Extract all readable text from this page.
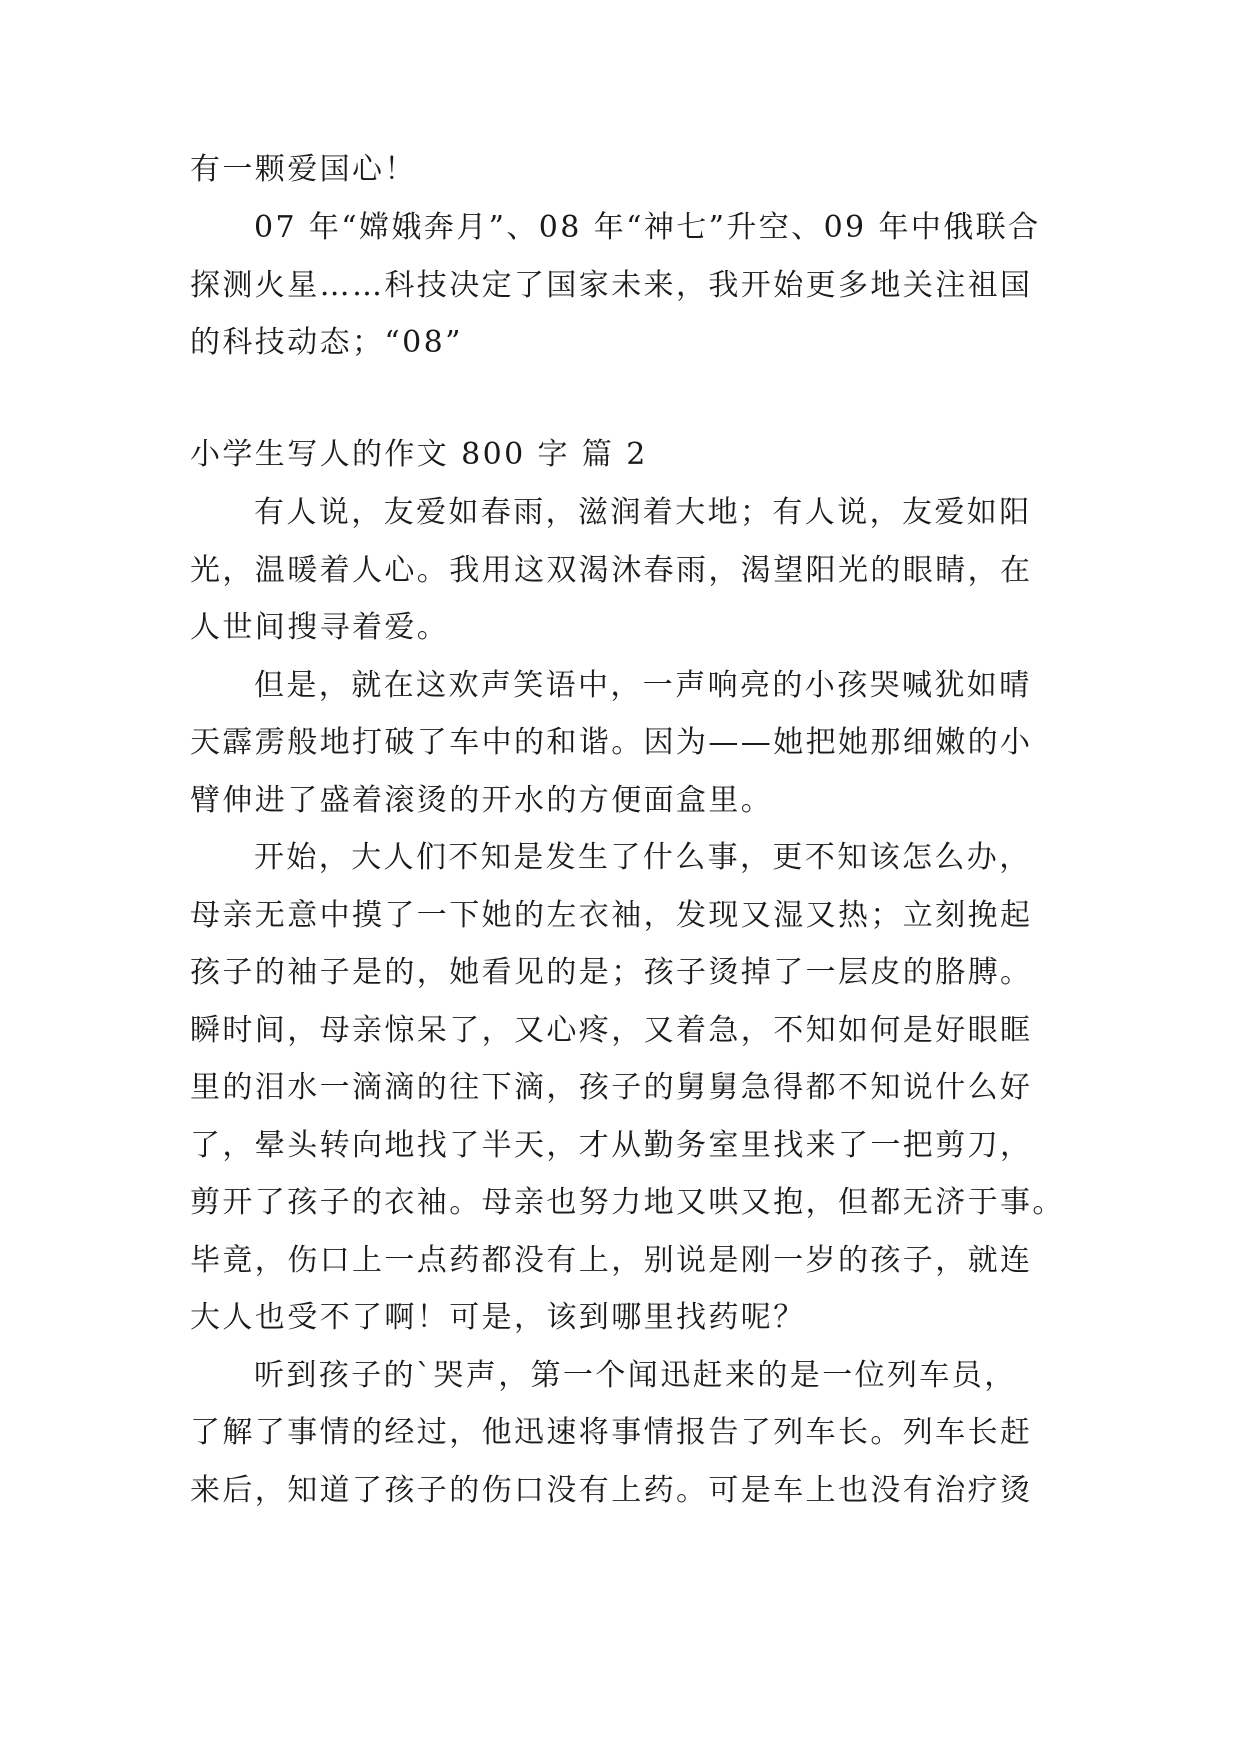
有一颗爱国心！
07 年“嫦娥奔月”、08 年“神七”升空、09 年中俄联合
探测火星……科技决定了国家未来，我开始更多地关注祖国
的科技动态；“08”
小学生写人的作文 800 字 篇 2
有人说，友爱如春雨，滋润着大地；有人说，友爱如阳
光，温暖着人心。我用这双渴沐春雨，渴望阳光的眼睛，在
人世间搜寻着爱。
但是，就在这欢声笑语中，一声响亮的小孩哭喊犹如晴
天霹雳般地打破了车中的和谐。因为——她把她那细嫩的小
臂伸进了盛着滚烫的开水的方便面盒里。
开始，大人们不知是发生了什么事，更不知该怎么办，
母亲无意中摸了一下她的左衣袖，发现又湿又热；立刻挽起
孩子的袖子是的，她看见的是；孩子烫掉了一层皮的胳膊。
瞬时间，母亲惊呆了，又心疼，又着急，不知如何是好眼眶
里的泪水一滴滴的往下滴，孩子的舅舅急得都不知说什么好
了，晕头转向地找了半天，才从勤务室里找来了一把剪刀，
剪开了孩子的衣袖。母亲也努力地又哄又抱，但都无济于事。
毕竟，伤口上一点药都没有上，别说是刚一岁的孩子，就连
大人也受不了啊！可是，该到哪里找药呢？
听到孩子的`哭声，第一个闻迅赶来的是一位列车员，
了解了事情的经过，他迅速将事情报告了列车长。列车长赶
来后，知道了孩子的伤口没有上药。可是车上也没有治疗烫
